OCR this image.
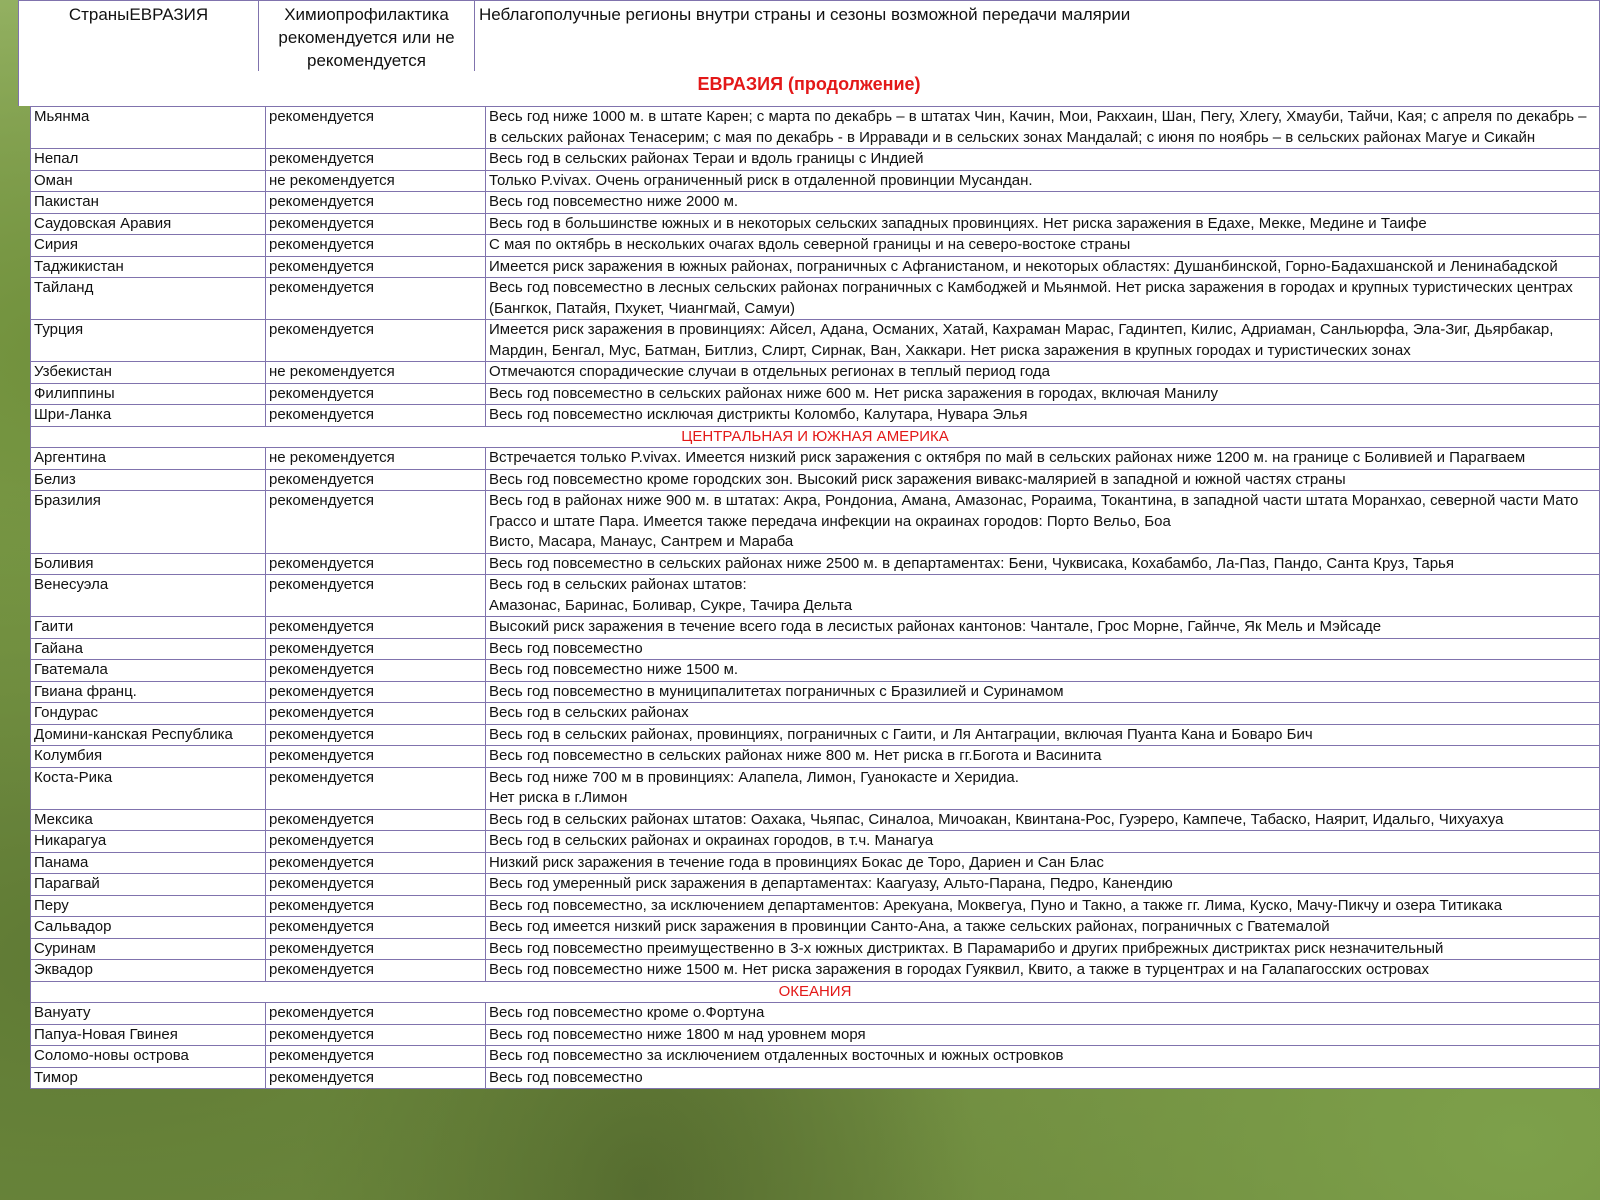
СтраныЕВРАЗИЯ	Химиопрофилактика рекомендуется или не рекомендуется	Неблагополучные регионы внутри страны и сезоны возможной передачи малярии
ЕВРАЗИЯ (продолжение)
Мьянма	рекомендуется	Весь год ниже 1000 м. в штате Карен; с марта по декабрь – в штатах Чин, Качин, Мои, Ракхаин, Шан, Пегу, Хлегу, Хмауби, Тайчи, Кая; с апреля по декабрь – в сельских районах Тенасерим; с мая по декабрь - в Ирравади и в сельских зонах Мандалай; с июня по ноябрь – в сельских районах Магуе и Сикайн
Непал	рекомендуется	Весь год в сельских районах Тераи и вдоль границы с Индией
Оман	не рекомендуется	Только P.vivax. Очень ограниченный риск в отдаленной провинции Мусандан.
Пакистан	рекомендуется	Весь год повсеместно ниже 2000 м.
Саудовская Аравия	рекомендуется	Весь год в большинстве южных и в некоторых сельских западных провинциях. Нет риска заражения в Едахе, Мекке, Медине и Таифе
Сирия	рекомендуется	С мая по октябрь в нескольких очагах вдоль северной границы и на северо-востоке страны
Таджикистан	рекомендуется	Имеется риск заражения в южных районах, пограничных с Афганистаном, и некоторых областях: Душанбинской, Горно-Бадахшанской и Ленинабадской
Тайланд	рекомендуется	Весь год повсеместно в лесных сельских районах пограничных с Камбоджей и Мьянмой. Нет риска заражения в городах и крупных туристических центрах (Бангкок, Патайя, Пхукет, Чиангмай, Самуи)
Турция	рекомендуется	Имеется риск заражения в провинциях: Айсел, Адана, Османих, Хатай, Кахраман Марас, Гадинтеп, Килис, Адриаман, Санльюрфа, Эла-Зиг, Дьярбакар, Мардин, Бенгал, Мус, Батман, Битлиз, Слирт, Сирнак, Ван, Хаккари. Нет риска заражения в крупных городах и туристических зонах
Узбекистан	не рекомендуется	Отмечаются спорадические случаи в отдельных регионах в теплый период года
Филиппины	рекомендуется	Весь год повсеместно в сельских районах ниже 600 м. Нет риска заражения в городах, включая Манилу
Шри-Ланка	рекомендуется	Весь год повсеместно исключая дистрикты Коломбо, Калутара, Нувара Элья
ЦЕНТРАЛЬНАЯ И ЮЖНАЯ АМЕРИКА		
Аргентина	не рекомендуется	Встречается только P.vivax. Имеется низкий риск заражения с октября по май в сельских районах ниже 1200 м. на границе с Боливией и Парагваем
Белиз	рекомендуется	Весь год повсеместно кроме городских зон. Высокий риск заражения вивакс-малярией в западной и южной частях страны
Бразилия	рекомендуется	Весь год в районах ниже 900 м. в штатах: Акра, Рондониа, Амана, Амазонас, Рораима, Токантина, в западной части штата Моранхао, северной части Мато Грассо и штате Пара. Имеется также передача инфекции на окраинах городов: Порто Вельо, Боа
Висто, Масара, Манаус, Сантрем и Мараба
Боливия	рекомендуется	Весь год повсеместно в сельских районах ниже 2500 м. в департаментах: Бени, Чуквисака, Кохабамбо, Ла-Паз, Пандо, Санта Круз, Тарья
Венесуэла	рекомендуется	Весь год в сельских районах штатов:
Амазонас, Баринас, Боливар, Сукре, Тачира Дельта
Гаити	рекомендуется	Высокий риск заражения в течение всего года в лесистых районах кантонов: Чантале, Грос Морне, Гайнче, Як Мель и Мэйсаде
Гайана	рекомендуется	Весь год повсеместно
Гватемала	рекомендуется	Весь год повсеместно ниже 1500 м.
Гвиана франц.	рекомендуется	Весь год повсеместно в муниципалитетах пограничных с Бразилией и Суринамом
Гондурас	рекомендуется	Весь год в сельских районах
Домини-канская Республика	рекомендуется	Весь год в сельских районах, провинциях, пограничных с Гаити, и Ля Антаграции, включая Пуанта Кана и Боваро Бич
Колумбия	рекомендуется	Весь год повсеместно в сельских районах ниже 800 м. Нет риска в гг.Богота и Васинита
Коста-Рика	рекомендуется	Весь год ниже 700 м в провинциях: Алапела, Лимон, Гуанокасте и Херидиа.
Нет риска в г.Лимон
Мексика	рекомендуется	Весь год в сельских районах штатов: Оахака, Чьяпас, Синалоа, Мичоакан, Квинтана-Рос, Гуэреро, Кампече, Табаско, Наярит, Идальго, Чихуахуа
Никарагуа	рекомендуется	Весь год в сельских районах и окраинах городов, в т.ч. Манагуа
Панама	рекомендуется	Низкий риск заражения в течение года в провинциях Бокас де Торо, Дариен и Сан Блас
Парагвай	рекомендуется	Весь год умеренный риск заражения в департаментах: Каагуазу, Альто-Парана, Педро, Канендию
Перу	рекомендуется	Весь год повсеместно, за исключением департаментов: Арекуана, Моквегуа, Пуно и Такно, а также гг. Лима, Куско, Мачу-Пикчу и озера Титикака
Сальвадор	рекомендуется	Весь год имеется низкий риск заражения в провинции Санто-Ана, а также сельских районах, пограничных с Гватемалой
Суринам	рекомендуется	Весь год повсеместно преимущественно в 3-х южных дистриктах. В Парамарибо и других прибрежных дистриктах риск незначительный
Эквадор	рекомендуется	Весь год повсеместно ниже 1500 м. Нет риска заражения в городах Гуяквил, Квито, а также в турцентрах и на Галапагосских островах
ОКЕАНИЯ		
Вануату	рекомендуется	Весь год повсеместно кроме о.Фортуна
Папуа-Новая Гвинея	рекомендуется	Весь год повсеместно ниже 1800 м над уровнем моря
Соломо-новы острова	рекомендуется	Весь год повсеместно за исключением отдаленных восточных и южных островков
Тимор	рекомендуется	Весь год повсеместно
